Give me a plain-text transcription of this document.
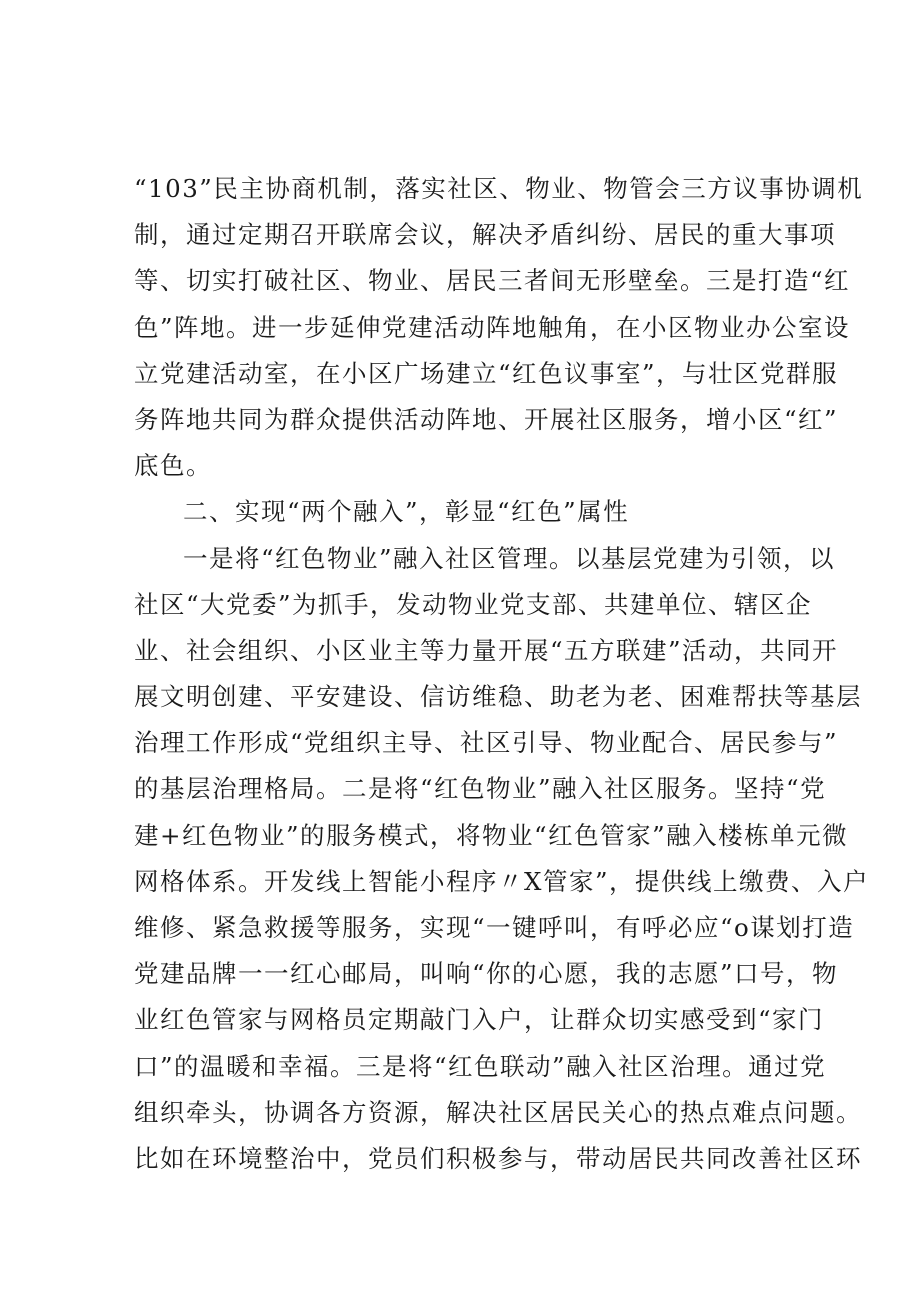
“103”民主协商机制，落实社区、物业、物管会三方议事协调机
制，通过定期召开联席会议，解决矛盾纠纷、居民的重大事项
等、切实打破社区、物业、居民三者间无形壁垒。三是打造“红
色”阵地。进一步延伸党建活动阵地触角，在小区物业办公室设
立党建活动室，在小区广场建立“红色议事室”，与壮区党群服
务阵地共同为群众提供活动阵地、开展社区服务，增小区“红”
底色。
二、实现“两个融入”，彰显“红色”属性
一是将“红色物业”融入社区管理。以基层党建为引领，以
社区“大党委”为抓手，发动物业党支部、共建单位、辖区企
业、社会组织、小区业主等力量开展“五方联建”活动，共同开
展文明创建、平安建设、信访维稳、助老为老、困难帮扶等基层
治理工作形成“党组织主导、社区引导、物业配合、居民参与”
的基层治理格局。二是将“红色物业”融入社区服务。坚持“党
建+红色物业”的服务模式，将物业“红色管家”融入楼栋单元微
网格体系。开发线上智能小程序〃X管家”，提供线上缴费、入户
维修、紧急救援等服务，实现“一键呼叫，有呼必应“o谋划打造
党建品牌一一红心邮局，叫响“你的心愿，我的志愿”口号，物
业红色管家与网格员定期敲门入户，让群众切实感受到“家门
口”的温暖和幸福。三是将“红色联动”融入社区治理。通过党
组织牵头，协调各方资源，解决社区居民关心的热点难点问题。
比如在环境整治中，党员们积极参与，带动居民共同改善社区环
